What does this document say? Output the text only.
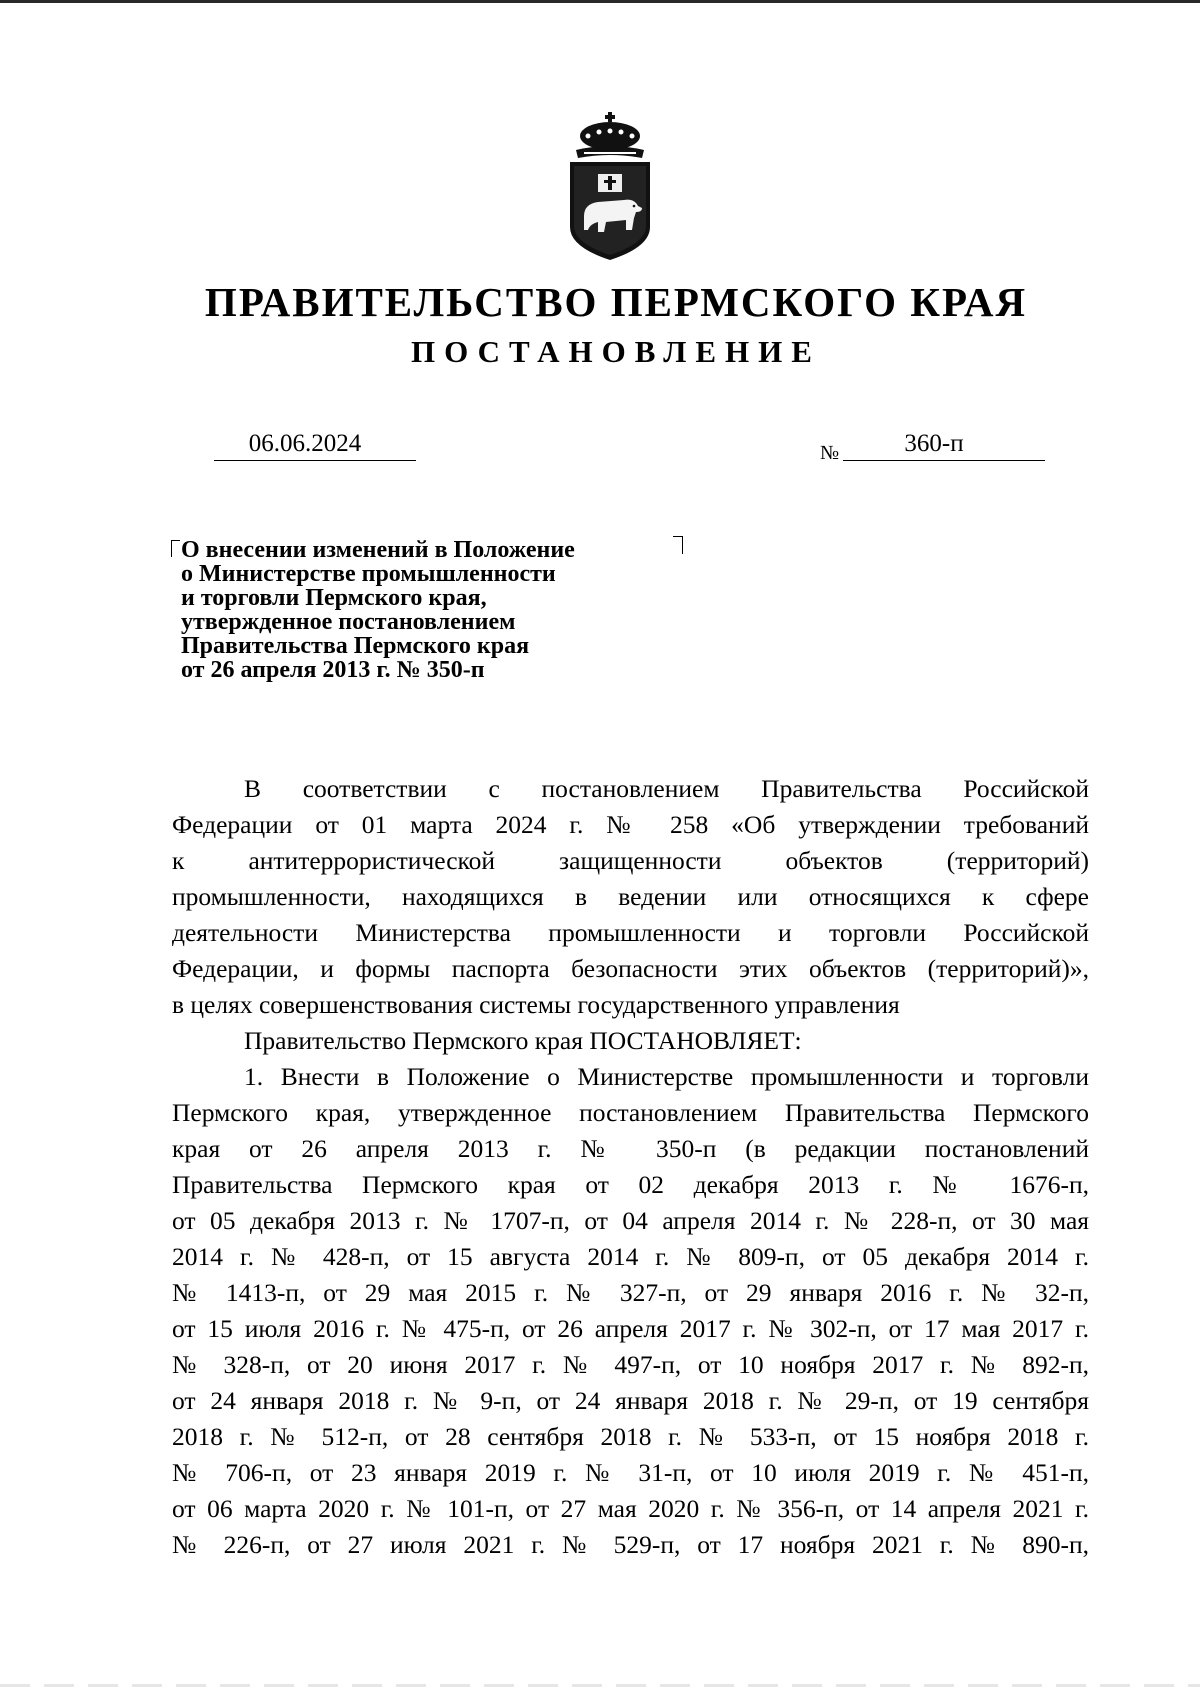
ПРАВИТЕЛЬСТВО ПЕРМСКОГО КРАЯ
ПОСТАНОВЛЕНИЕ
06.06.2024	№	360-п
О внесении изменений в Положение
о Министерстве промышленности
и торговли Пермского края,
утвержденное постановлением
Правительства Пермского края
от 26 апреля 2013 г. № 350-п
В соответствии с постановлением Правительства Российской
Федерации от 01 марта 2024 г. № 258 «Об утверждении требований
к антитеррористической защищенности объектов (территорий)
промышленности, находящихся в ведении или относящихся к сфере
деятельности Министерства промышленности и торговли Российской
Федерации, и формы паспорта безопасности этих объектов (территорий)»,
в целях совершенствования системы государственного управления
Правительство Пермского края ПОСТАНОВЛЯЕТ:
1. Внести в Положение о Министерстве промышленности и торговли
Пермского края, утвержденное постановлением Правительства Пермского
края от 26 апреля 2013 г. № 350-п (в редакции постановлений
Правительства Пермского края от 02 декабря 2013 г. № 1676-п,
от 05 декабря 2013 г. № 1707-п, от 04 апреля 2014 г. № 228-п, от 30 мая
2014 г. № 428-п, от 15 августа 2014 г. № 809-п, от 05 декабря 2014 г.
№ 1413-п, от 29 мая 2015 г. № 327-п, от 29 января 2016 г. № 32-п,
от 15 июля 2016 г. № 475-п, от 26 апреля 2017 г. № 302-п, от 17 мая 2017 г.
№ 328-п, от 20 июня 2017 г. № 497-п, от 10 ноября 2017 г. № 892-п,
от 24 января 2018 г. № 9-п, от 24 января 2018 г. № 29-п, от 19 сентября
2018 г. № 512-п, от 28 сентября 2018 г. № 533-п, от 15 ноября 2018 г.
№ 706-п, от 23 января 2019 г. № 31-п, от 10 июля 2019 г. № 451-п,
от 06 марта 2020 г. № 101-п, от 27 мая 2020 г. № 356-п, от 14 апреля 2021 г.
№ 226-п, от 27 июля 2021 г. № 529-п, от 17 ноября 2021 г. № 890-п,
